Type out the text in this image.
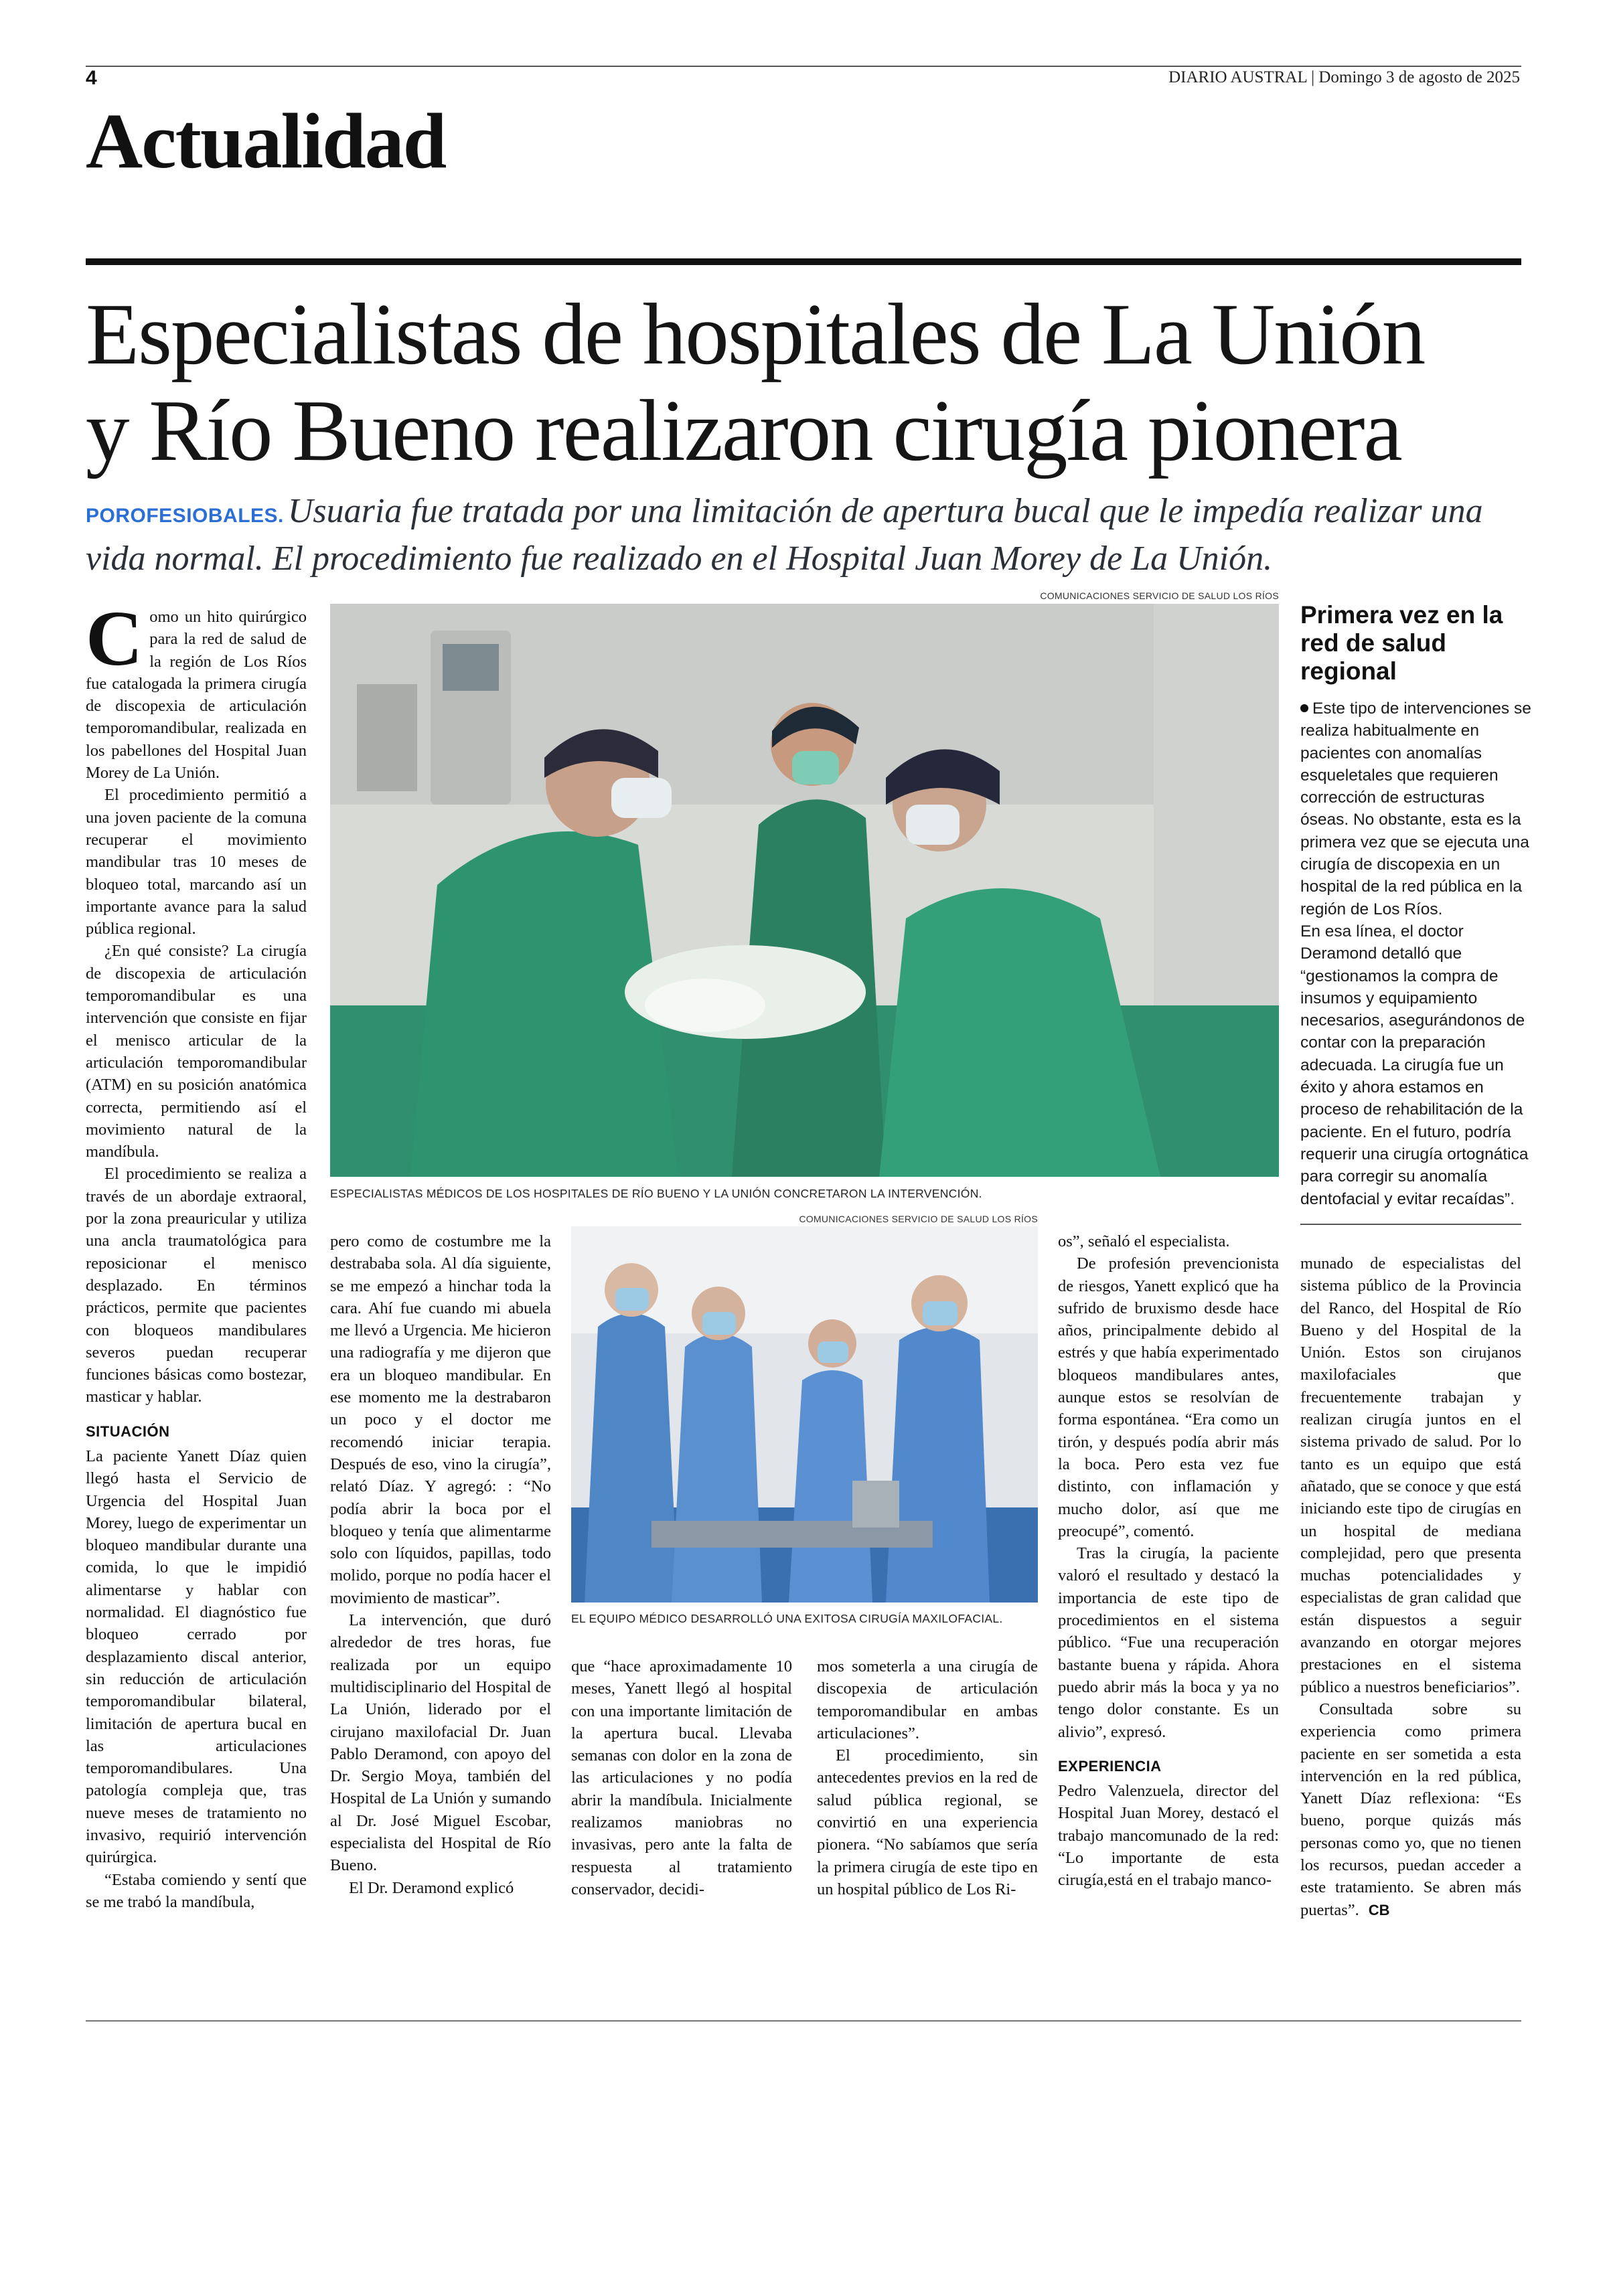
4	DIARIO AUSTRAL | Domingo 3 de agosto de 2025
Actualidad
Especialistas de hospitales de La Unión
y Río Bueno realizaron cirugía pionera
POROFESIOBALES. Usuaria fue tratada por una limitación de apertura bucal que le impedía realizar una vida normal. El procedimiento fue realizado en el Hospital Juan Morey de La Unión.
COMUNICACIONES SERVICIO DE SALUD LOS RÍOS
ESPECIALISTAS MÉDICOS DE LOS HOSPITALES DE RÍO BUENO Y LA UNIÓN CONCRETARON LA INTERVENCIÓN.
COMUNICACIONES SERVICIO DE SALUD LOS RÍOS
EL EQUIPO MÉDICO DESARROLLÓ UNA EXITOSA CIRUGÍA MAXILOFACIAL.

Como un hito quirúrgico para la red de salud de la región de Los Ríos fue catalogada la primera cirugía de discopexia de articulación temporomandibular, realizada en los pabellones del Hospital Juan Morey de La Unión.

El procedimiento permitió a una joven paciente de la comuna recuperar el movimiento mandibular tras 10 meses de bloqueo total, marcando así un importante avance para la salud pública regional.

¿En qué consiste? La cirugía de discopexia de articulación temporomandibular es una intervención que consiste en fijar el menisco articular de la articulación temporomandibular (ATM) en su posición anatómica correcta, permitiendo así el movimiento natural de la mandíbula.

El procedimiento se realiza a través de un abordaje extraoral, por la zona preauricular y utiliza una ancla traumatológica para reposicionar el menisco desplazado. En términos prácticos, permite que pacientes con bloqueos mandibulares severos puedan recuperar funciones básicas como bostezar, masticar y hablar.

SITUACIÓN

La paciente Yanett Díaz quien llegó hasta el Servicio de Urgencia del Hospital Juan Morey, luego de experimentar un bloqueo mandibular durante una comida, lo que le impidió alimentarse y hablar con normalidad. El diagnóstico fue bloqueo cerrado por desplazamiento discal anterior, sin reducción de articulación temporomandibular bilateral, limitación de apertura bucal en las articulaciones temporomandibulares. Una patología compleja que, tras nueve meses de tratamiento no invasivo, requirió intervención quirúrgica.

“Estaba comiendo y sentí que se me trabó la mandíbula,

pero como de costumbre me la destrababa sola. Al día siguiente, se me empezó a hinchar toda la cara. Ahí fue cuando mi abuela me llevó a Urgencia. Me hicieron una radiografía y me dijeron que era un bloqueo mandibular. En ese momento me la destrabaron un poco y el doctor me recomendó iniciar terapia. Después de eso, vino la cirugía”, relató Díaz. Y agregó: : “No podía abrir la boca por el bloqueo y tenía que alimentarme solo con líquidos, papillas, todo molido, porque no podía hacer el movimiento de masticar”.

La intervención, que duró alrededor de tres horas, fue realizada por un equipo multidisciplinario del Hospital de La Unión, liderado por el cirujano maxilofacial Dr. Juan Pablo Deramond, con apoyo del Dr. Sergio Moya, también del Hospital de La Unión y sumando al Dr. José Miguel Escobar, especialista del Hospital de Río Bueno.

El Dr. Deramond explicó

que “hace aproximadamente 10 meses, Yanett llegó al hospital con una importante limitación de la apertura bucal. Llevaba semanas con dolor en la zona de las articulaciones y no podía abrir la mandíbula. Inicialmente realizamos maniobras no invasivas, pero ante la falta de respuesta al tratamiento conservador, decidi-

mos someterla a una cirugía de discopexia de articulación temporomandibular en ambas articulaciones”.

El procedimiento, sin antecedentes previos en la red de salud pública regional, se convirtió en una experiencia pionera. “No sabíamos que sería la primera cirugía de este tipo en un hospital público de Los Ri-

os”, señaló el especialista.

De profesión prevencionista de riesgos, Yanett explicó que ha sufrido de bruxismo desde hace años, principalmente debido al estrés y que había experimentado bloqueos mandibulares antes, aunque estos se resolvían de forma espontánea. “Era como un tirón, y después podía abrir más la boca. Pero esta vez fue distinto, con inflamación y mucho dolor, así que me preocupé”, comentó.

Tras la cirugía, la paciente valoró el resultado y destacó la importancia de este tipo de procedimientos en el sistema público. “Fue una recuperación bastante buena y rápida. Ahora puedo abrir más la boca y ya no tengo dolor constante. Es un alivio”, expresó.

EXPERIENCIA

Pedro Valenzuela, director del Hospital Juan Morey, destacó el trabajo mancomunado de la red: “Lo importante de esta cirugía,está en el trabajo manco-

Primera vez en la red de salud regional

Este tipo de intervenciones se realiza habitualmente en pacientes con anomalías esqueletales que requieren corrección de estructuras óseas. No obstante, esta es la primera vez que se ejecuta una cirugía de discopexia en un hospital de la red pública en la región de Los Ríos.

En esa línea, el doctor Deramond detalló que “gestionamos la compra de insumos y equipamiento necesarios, asegurándonos de contar con la preparación adecuada. La cirugía fue un éxito y ahora estamos en proceso de rehabilitación de la paciente. En el futuro, podría requerir una cirugía ortognática para corregir su anomalía dentofacial y evitar recaídas”.

munado de especialistas del sistema público de la Provincia del Ranco, del Hospital de Río Bueno y del Hospital de la Unión. Estos son cirujanos maxilofaciales que frecuentemente trabajan y realizan cirugía juntos en el sistema privado de salud. Por lo tanto es un equipo que está añatado, que se conoce y que está iniciando este tipo de cirugías en un hospital de mediana complejidad, pero que presenta muchas potencialidades y especialistas de gran calidad que están dispuestos a seguir avanzando en otorgar mejores prestaciones en el sistema público a nuestros beneficiarios”.

Consultada sobre su experiencia como primera paciente en ser sometida a esta intervención en la red pública, Yanett Díaz reflexiona: “Es bueno, porque quizás más personas como yo, que no tienen los recursos, puedan acceder a este tratamiento. Se abren más puertas”. CB
